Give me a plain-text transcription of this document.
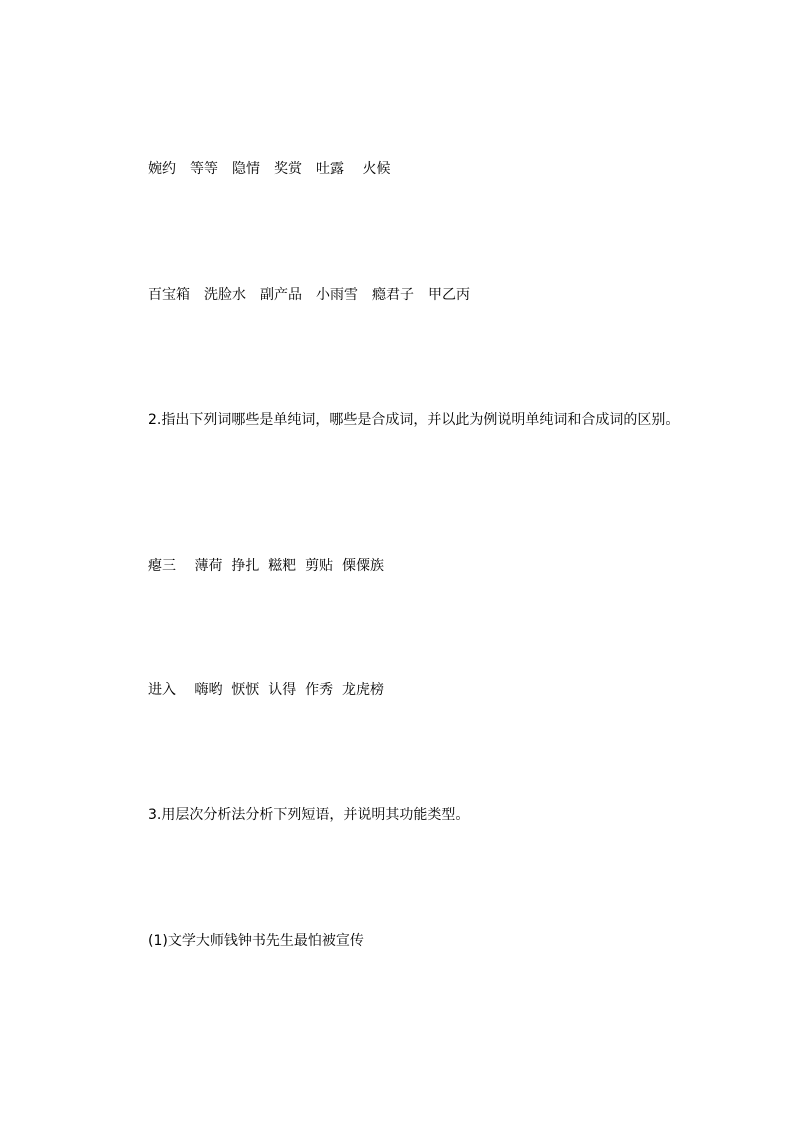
婉约　等等　隐情　奖赏　吐露　 火候
百宝箱　洗脸水　副产品　小雨雪　瘾君子　甲乙丙
2.指出下列词哪些是单纯词，哪些是合成词，并以此为例说明单纯词和合成词的区别。
瘪三　 薄荷  挣扎  糍粑  剪贴  傈僳族
进入　 嗨哟  恹恹  认得  作秀  龙虎榜
3.用层次分析法分析下列短语，并说明其功能类型。
(1)文学大师钱钟书先生最怕被宣传
